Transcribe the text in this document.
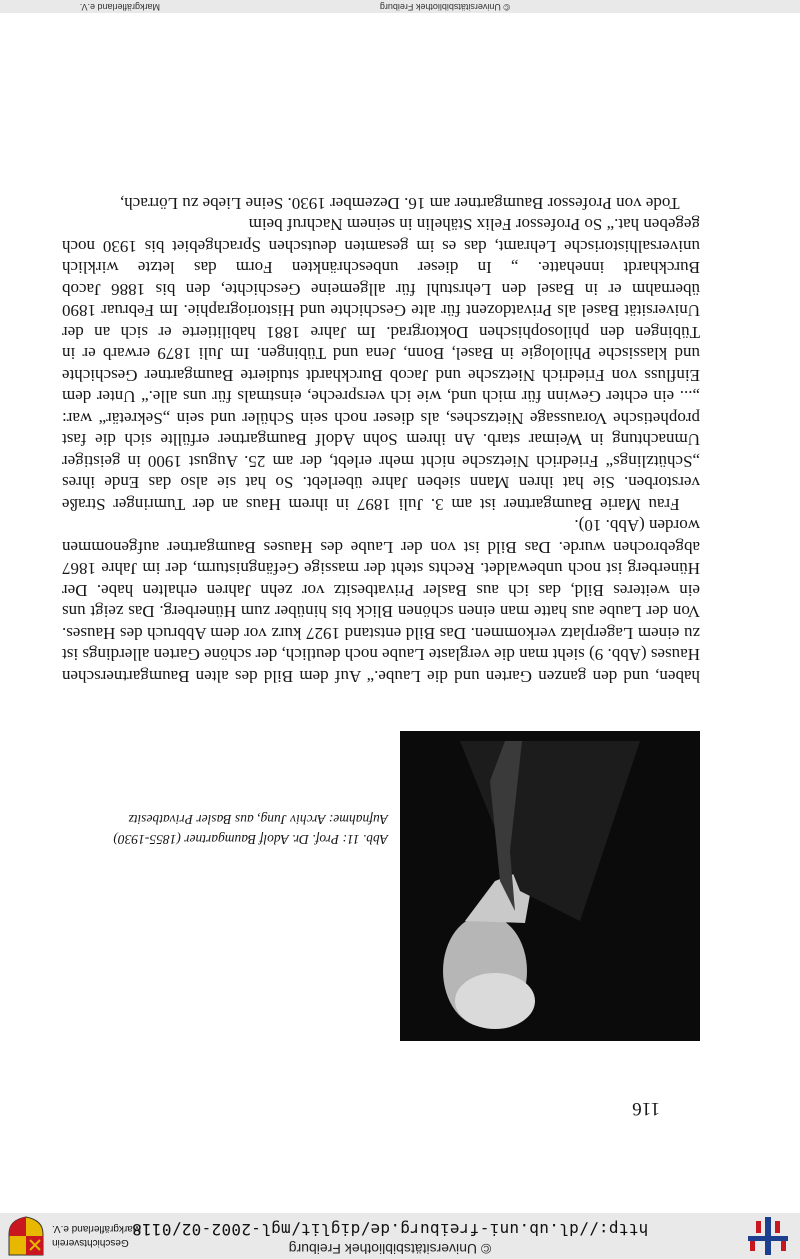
© Universitätsbibliothek Freiburg
http://dl.ub.uni-freiburg.de/diglit/mgl-2002-02/0118
Geschichtsverein
Markgräflerland e.V.

haben, und den ganzen Garten und die Laube.“ Auf dem Bild des alten Baumgartnerschen Hauses (Abb. 9) sieht man die verglaste Laube noch deutlich, der schöne Garten allerdings ist zu einem Lagerplatz verkommen. Das Bild entstand 1927 kurz vor dem Abbruch des Hauses. Von der Laube aus hatte man einen schönen Blick bis hinüber zum Hünerberg. Das zeigt uns ein weiteres Bild, das ich aus Basler Privatbesitz vor zehn Jahren erhalten habe. Der Hünerberg ist noch unbewaldet. Rechts steht der massige Gefängnisturm, der im Jahre 1867 abgebrochen wurde. Das Bild ist von der Laube des Hauses Baumgartner aufgenommen worden (Abb. 10).

Frau Marie Baumgartner ist am 3. Juli 1897 in ihrem Haus an der Tumringer Straße verstorben. Sie hat ihren Mann sieben Jahre überlebt. So hat sie also das Ende ihres „Schützlings“ Friedrich Nietzsche nicht mehr erlebt, der am 25. August 1900 in geistiger Umnachtung in Weimar starb. An ihrem Sohn Adolf Baumgartner erfüllte sich die fast prophetische Voraussage Nietzsches, als dieser noch sein Schüler und sein „Sekretär“ war: „... ein echter Gewinn für mich und, wie ich verspreche, einstmals für uns alle.“ Unter dem Einfluss von Friedrich Nietzsche und Jacob Burckhardt studierte Baumgartner Geschichte und klassische Philologie in Basel, Bonn, Jena und Tübingen. Im Juli 1879 erwarb er in Tübingen den philosophischen Doktorgrad. Im Jahre 1881 habilitierte er sich an der Universität Basel als Privatdozent für alte Geschichte und Historiographie. Im Februar 1890 übernahm er in Basel den Lehrstuhl für allgemeine Geschichte, den bis 1886 Jacob Burckhardt innehatte. „ In dieser unbeschränkten Form das letzte wirklich universalhistorische Lehramt, das es im gesamten deutschen Sprachgebiet bis 1930 noch gegeben hat.“ So Professor Felix Stähelin in seinem Nachruf beim

Tode von Professor Baumgartner am 16. Dezember 1930. Seine Liebe zu Lörrach,

Abb. 11: Prof. Dr. Adolf Baumgartner (1855-1930)
Aufnahme: Archiv Jung, aus Basler Privatbesitz
116
© Universitätsbibliothek Freiburg
Markgräflerland e.V.
